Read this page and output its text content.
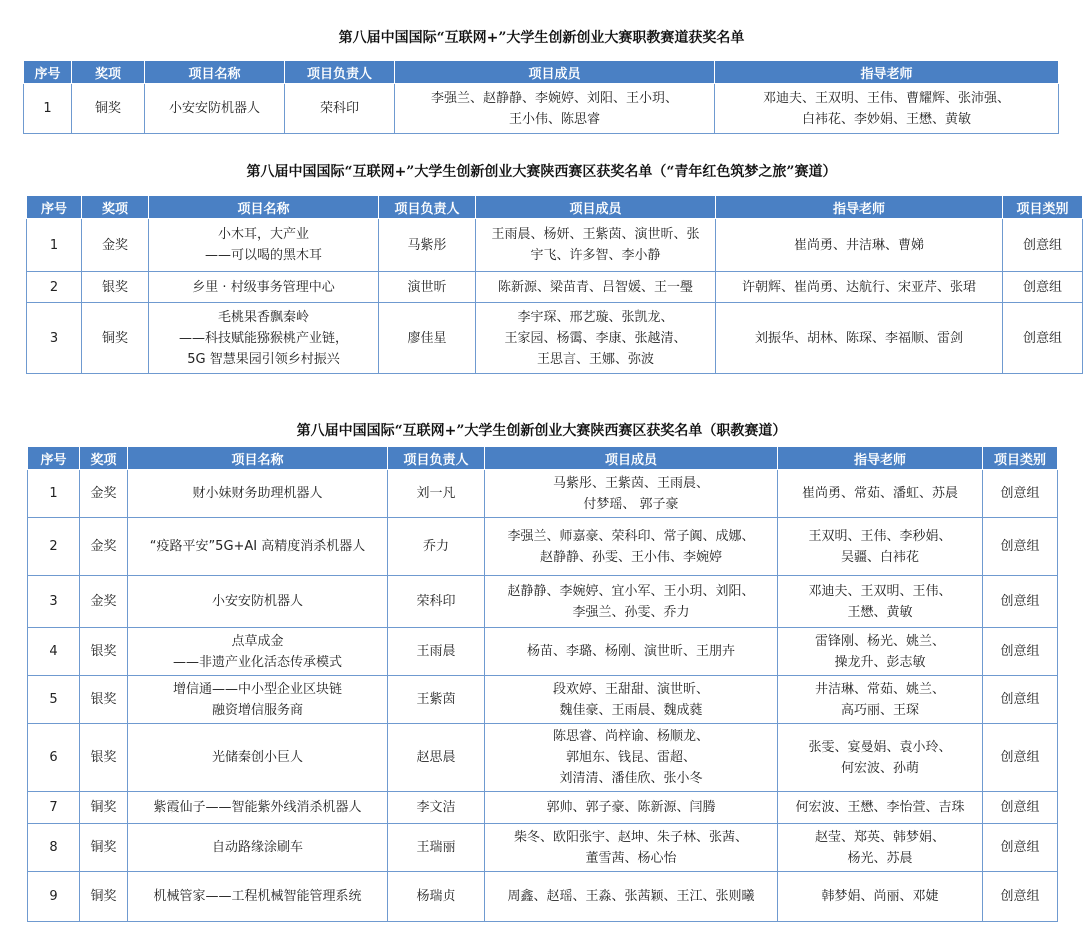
第八届中国国际“互联网+”大学生创新创业大赛职教赛道获奖名单
序号	奖项	项目名称	项目负责人	项目成员	指导老师
1	铜奖	小安安防机器人	荣科印	李强兰、赵静静、李婉婷、刘阳、王小玥、
王小伟、陈思睿	邓迪夫、王双明、王伟、曹耀辉、张沛强、
白袆花、李妙娟、王懋、黄敏
第八届中国国际“互联网+”大学生创新创业大赛陕西赛区获奖名单（“青年红色筑梦之旅”赛道）
序号	奖项	项目名称	项目负责人	项目成员	指导老师	项目类别
1	金奖	小木耳，大产业
——可以喝的黑木耳	马紫彤	王雨晨、杨妍、王紫茵、演世昕、张
宇飞、许多智、李小静	崔尚勇、井洁琳、曹娣	创意组
2	银奖	乡里 · 村级事务管理中心	演世昕	陈新源、梁苗青、吕智媛、王一璺	许朝辉、崔尚勇、达航行、宋亚芹、张珺	创意组
3	铜奖	毛桃果香飘秦岭
——科技赋能猕猴桃产业链，
5G 智慧果园引领乡村振兴	廖佳星	李宇琛、邢艺璇、张凯龙、
王家园、杨霭、李康、张越清、
王思言、王娜、弥波	刘振华、胡林、陈琛、李福顺、雷剑	创意组
第八届中国国际“互联网+”大学生创新创业大赛陕西赛区获奖名单（职教赛道）
序号	奖项	项目名称	项目负责人	项目成员	指导老师	项目类别
1	金奖	财小妹财务助理机器人	刘一凡	马紫彤、王紫茵、王雨晨、
付梦瑶、 郭子豪	崔尚勇、常茹、潘虹、苏晨	创意组
2	金奖	“疫路平安”5G+AI 高精度消杀机器人	乔力	李强兰、师嘉豪、荣科印、常子阗、成娜、
赵静静、孙雯、王小伟、李婉婷	王双明、王伟、李秒娟、
吴疆、白袆花	创意组
3	金奖	小安安防机器人	荣科印	赵静静、李婉婷、宜小军、王小玥、刘阳、
李强兰、孙雯、乔力	邓迪夫、王双明、王伟、
王懋、黄敏	创意组
4	银奖	点草成金
——非遗产业化活态传承模式	王雨晨	杨苗、李璐、杨刚、演世昕、王朋卉	雷锋刚、杨光、姚兰、
操龙升、彭志敏	创意组
5	银奖	增信通——中小型企业区块链
融资增信服务商	王紫茵	段欢婷、王甜甜、演世昕、
魏佳豪、王雨晨、魏成蕤	井洁琳、常茹、姚兰、
高巧丽、王琛	创意组
6	银奖	光储秦创小巨人	赵思晨	陈思睿、尚梓谕、杨顺龙、
郭旭东、钱昆、雷超、
刘清清、潘佳欣、张小冬	张雯、宴曼娟、袁小玲、
何宏波、孙萌	创意组
7	铜奖	紫霞仙子——智能紫外线消杀机器人	李文洁	郭帅、郭子豪、陈新源、闫腾	何宏波、王懋、李怡萱、吉珠	创意组
8	铜奖	自动路缘涂刷车	王瑞丽	柴冬、欧阳张宇、赵坤、朱子林、张茜、
董雪茜、杨心怡	赵莹、郑英、韩梦娟、
杨光、苏晨	创意组
9	铜奖	机械管家——工程机械智能管理系统	杨瑞贞	周鑫、赵瑶、王淼、张茜颖、王江、张则曦	韩梦娟、尚丽、邓婕	创意组
